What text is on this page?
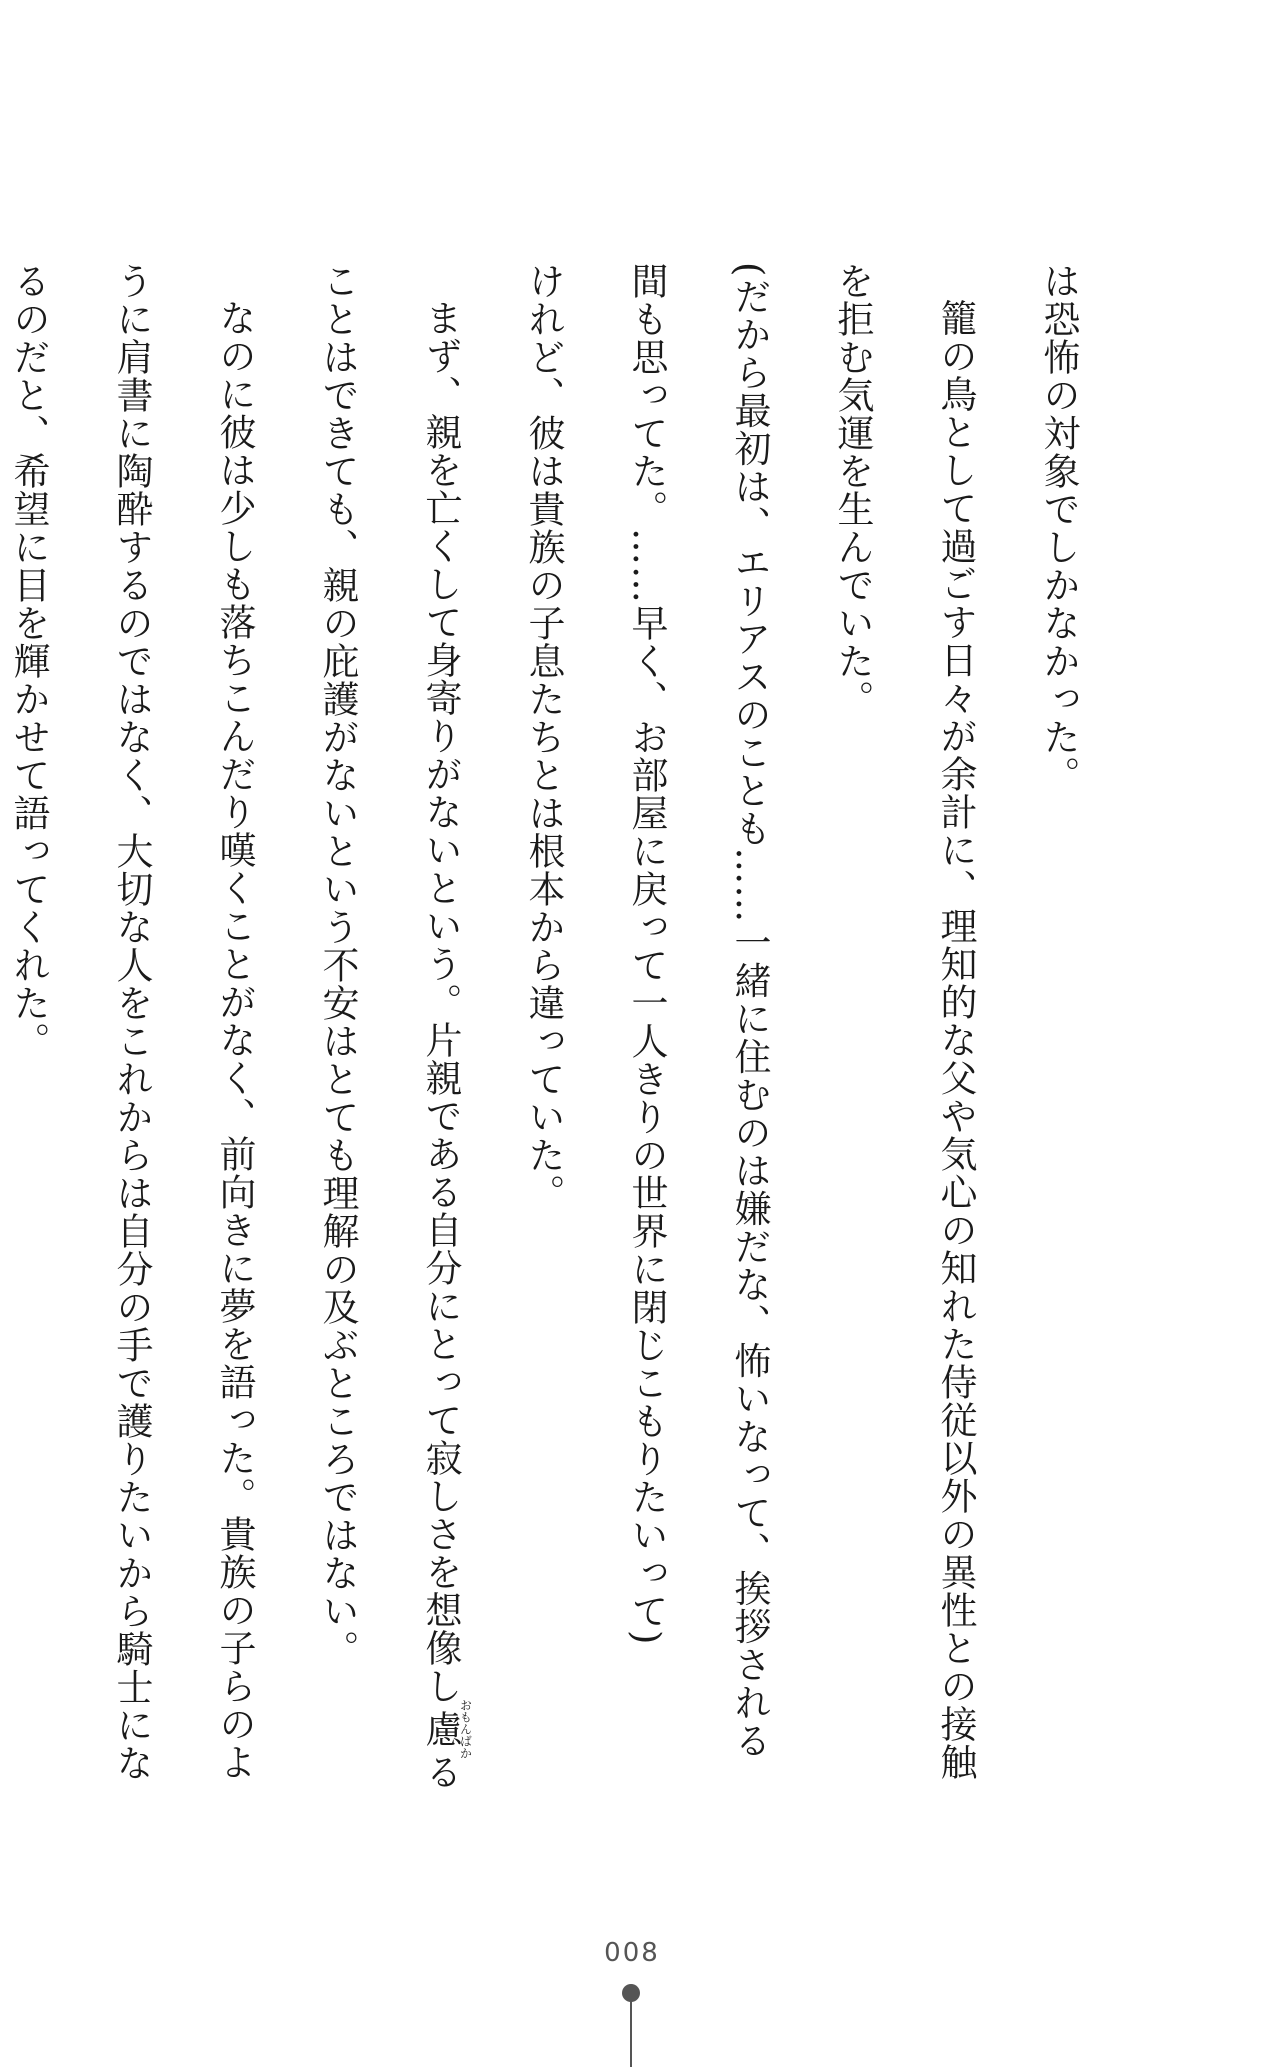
は恐怖の対象でしかなかった。

籠の鳥として過ごす日々が余計に、理知的な父や気心の知れた侍従以外の異性との接触

を拒む気運を生んでいた。

(だから最初は、エリアスのことも……一緒に住むのは嫌だな、怖いなって、挨拶される

間も思ってた。……早く、お部屋に戻って一人きりの世界に閉じこもりたいって)

けれど、彼は貴族の子息たちとは根本から違っていた。

まず、親を亡くして身寄りがないという。片親である自分にとって寂しさを想像し慮おもんばかる

ことはできても、親の庇護がないという不安はとても理解の及ぶところではない。

なのに彼は少しも落ちこんだり嘆くことがなく、前向きに夢を語った。貴族の子らのよ

うに肩書に陶酔するのではなく、大切な人をこれからは自分の手で護りたいから騎士にな

るのだと、希望に目を輝かせて語ってくれた。

008
